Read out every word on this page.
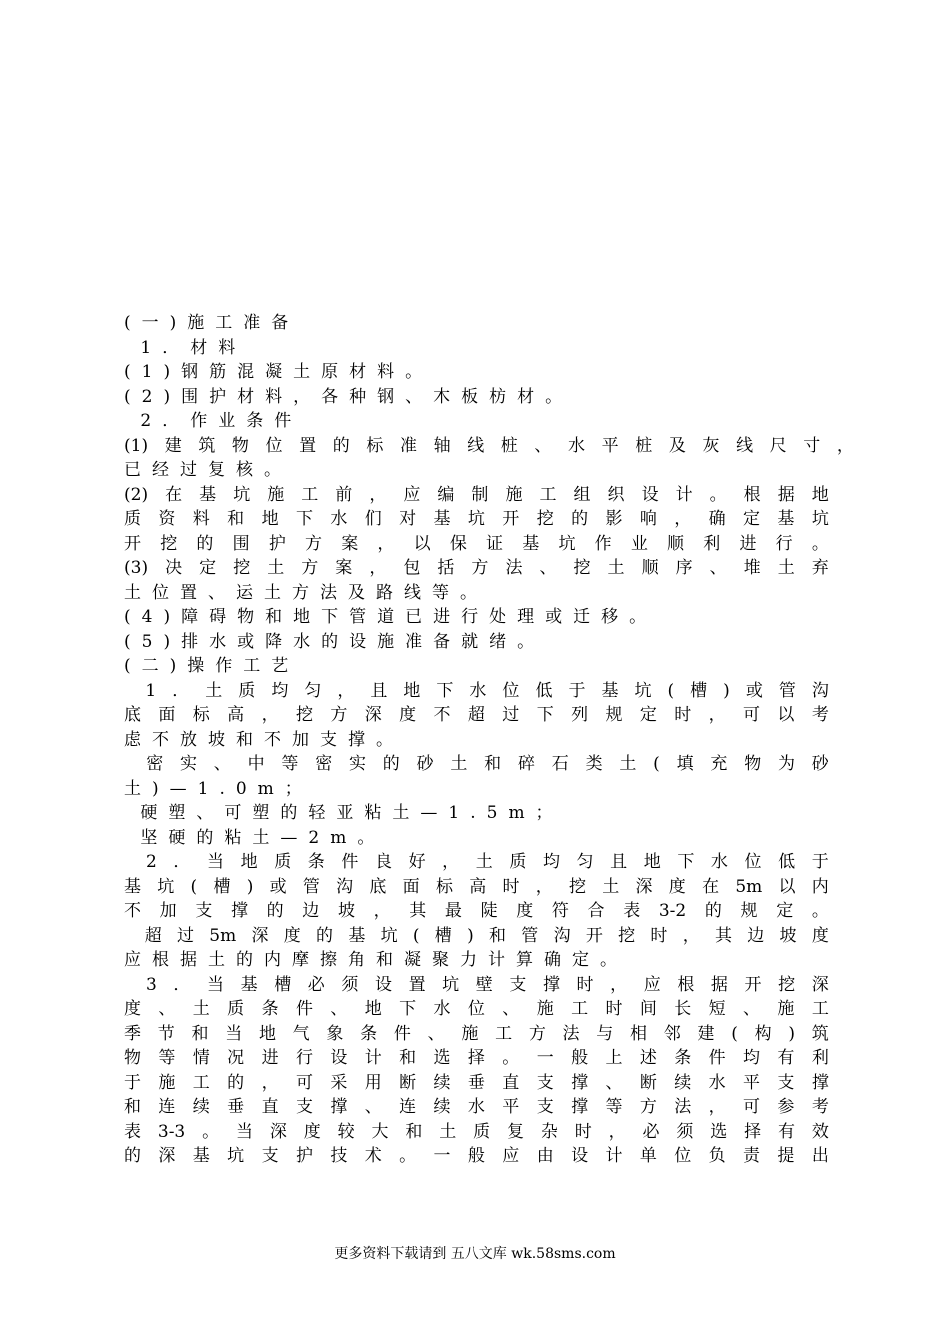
(一)施工准备
1．材料
(1)钢筋混凝土原材料。
(2)围护材料，各种钢、木板枋材。
2．作业条件
(1) 建 筑 物 位 置 的 标 准 轴 线 桩 、 水 平 桩 及 灰 线 尺 寸 ，
已经过复核。
(2) 在 基 坑 施 工 前 ， 应 编 制 施 工 组 织 设 计 。 根 据 地
质 资 料 和 地 下 水 们 对 基 坑 开 挖 的 影 响 ， 确 定 基 坑
开 挖 的 围 护 方 案 ， 以 保 证 基 坑 作 业 顺 利 进 行 。
(3) 决 定 挖 土 方 案 ， 包 括 方 法 、 挖 土 顺 序 、 堆 土 弃
土位置、运土方法及路线等。
(4)障碍物和地下管道已进行处理或迁移。
(5)排水或降水的设施准备就绪。
(二)操作工艺

1 ． 土 质 均 匀 ， 且 地 下 水 位 低 于 基 坑 ( 槽 ) 或 管 沟
底 面 标 高 ， 挖 方 深 度 不 超 过 下 列 规 定 时 ， 可 以 考
虑不放坡和不加支撑。

密 实 、 中 等 密 实 的 砂 土 和 碎 石 类 土 ( 填 充 物 为 砂
土)—1.0m；
硬塑、可塑的轻亚粘土—1.5m；
坚硬的粘土—2m。

2 ． 当 地 质 条 件 良 好 ， 土 质 均 匀 且 地 下 水 位 低 于
基 坑 ( 槽 ) 或 管 沟 底 面 标 高 时 ， 挖 土 深 度 在 5m 以 内
不 加 支 撑 的 边 坡 ， 其 最 陡 度 符 合 表 3-2 的 规 定 。

超 过 5m 深 度 的 基 坑 ( 槽 ) 和 管 沟 开 挖 时 ， 其 边 坡 度
应根据土的内摩擦角和凝聚力计算确定。

3 ． 当 基 槽 必 须 设 置 坑 壁 支 撑 时 ， 应 根 据 开 挖 深
度 、 土 质 条 件 、 地 下 水 位 、 施 工 时 间 长 短 、 施 工
季 节 和 当 地 气 象 条 件 、 施 工 方 法 与 相 邻 建 ( 构 ) 筑
物 等 情 况 进 行 设 计 和 选 择 。 一 般 上 述 条 件 均 有 利
于 施 工 的 ， 可 采 用 断 续 垂 直 支 撑 、 断 续 水 平 支 撑
和 连 续 垂 直 支 撑 、 连 续 水 平 支 撑 等 方 法 ， 可 参 考
表 3-3 。 当 深 度 较 大 和 土 质 复 杂 时 ， 必 须 选 择 有 效
的 深 基 坑 支 护 技 术 。 一 般 应 由 设 计 单 位 负 责 提 出
更多资料下载请到 五八文库 wk.58sms.com
